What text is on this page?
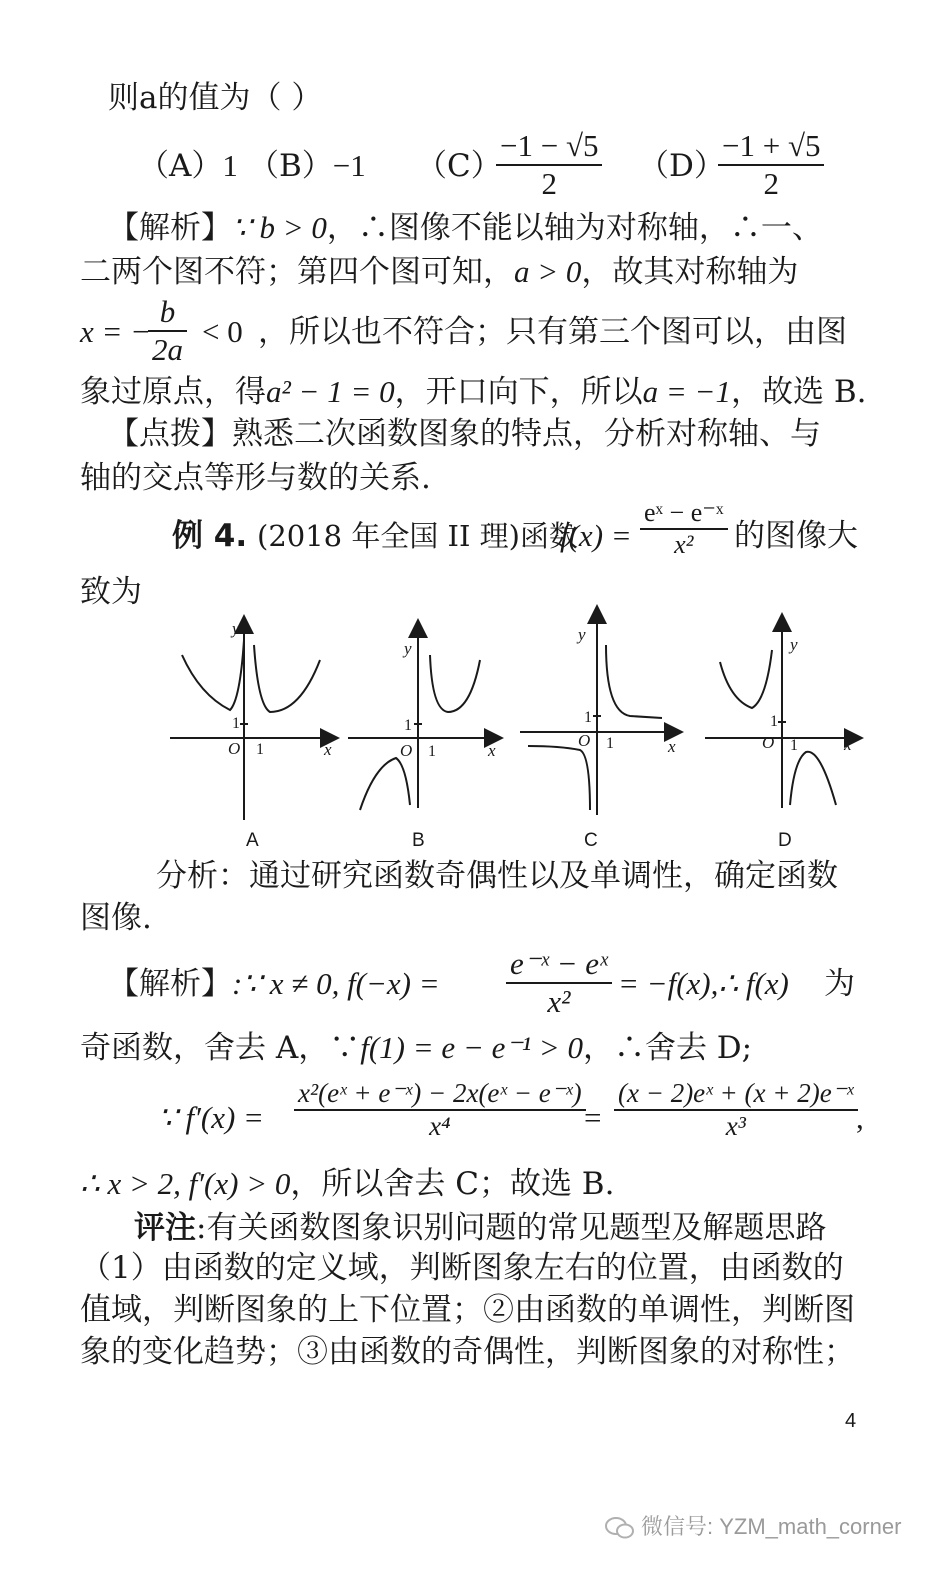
则a的值为（ ）
（A）1 （B）−1 （C）
$\frac{-1 - √5}{2} (D)$
$\frac{-1 + √5}{2}$
【解析】∵ b > 0，∴图像不能以轴为对称轴，∴一、
二两个图不符；第四个图可知，a > 0，故其对称轴为
x = −
$\frac{b}{2a} < 0$ ，所以也不符合；只有第三个图可以，由图
象过原点，得a² − 1 = 0，开口向下，所以a = −1，故选 B.
【点拨】熟悉二次函数图象的特点，分析对称轴、与
轴的交点等形与数的关系.
例 4. (2018 年全国 II 理)函数
$f(x) = \frac{\text{eˣ − e⁻ˣ}}{\text{x²}}$ 的图像大
致为
y
x
O
1
1
y
x
O
1
1
y
x
O
1
1
y
x
O
1
1
A	B	C	D
分析：通过研究函数奇偶性以及单调性，确定函数
图像.
【解析】:∵ x ≠ 0, $f(-x) = \frac{\text{e⁻ˣ − eˣ}}{\text{x²}}$ = −f(x),∴ f(x) 为
奇函数，舍去 A，∵f(1) = e − e⁻¹ > 0，∴舍去 D;
∵ $f'(x) = \frac{\text{x²(eˣ + e⁻ˣ) − 2x(eˣ − e⁻ˣ)}}{\text{x⁴}}$
= $\frac{\text{(x − 2)eˣ + (x + 2)e⁻ˣ}}{\text{x³}}$
,
∴ x > 2, f′(x) > 0，所以舍去 C；故选 B.
评注:有关函数图象识别问题的常见题型及解题思路
（1）由函数的定义域，判断图象左右的位置，由函数的
值域，判断图象的上下位置；②由函数的单调性，判断图
象的变化趋势；③由函数的奇偶性，判断图象的对称性；
4
微信号: YZM_math_corner
